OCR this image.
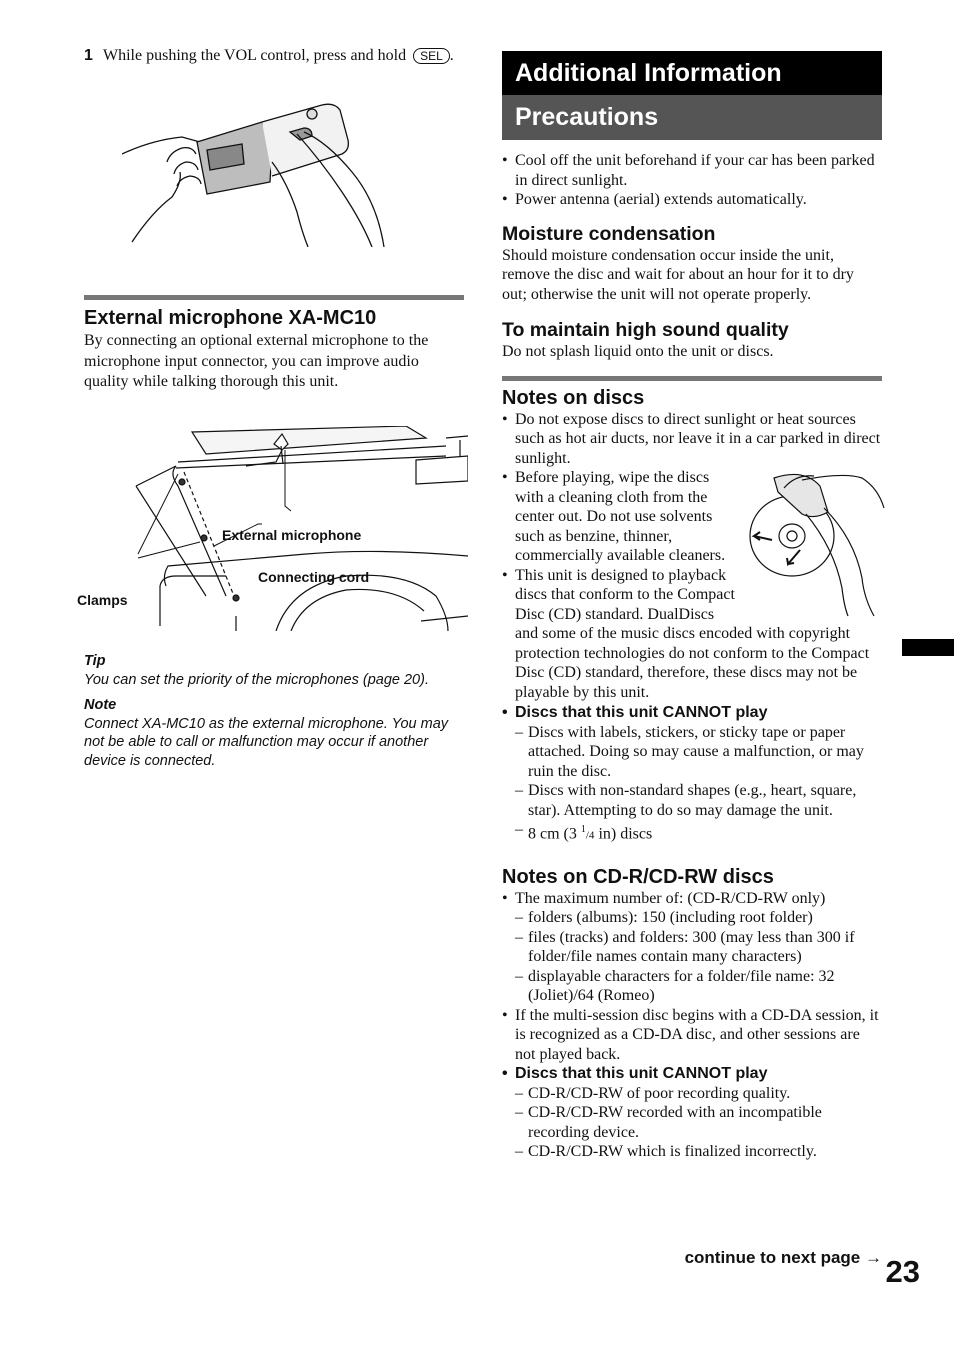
1 While pushing the VOL control, press and hold SEL .
External microphone XA-MC10

By connecting an optional external microphone to the microphone input connector, you can improve audio quality while talking thorough this unit.

External microphone
Connecting cord
Clamps
Tip
You can set the priority of the microphones (page 20).
Note
Connect XA-MC10 as the external microphone. You may not be able to call or malfunction may occur if another device is connected.
Additional Information
Precautions
• Cool off the unit beforehand if your car has been parked in direct sunlight.
• Power antenna (aerial) extends automatically.
Moisture condensation

Should moisture condensation occur inside the unit, remove the disc and wait for about an hour for it to dry out; otherwise the unit will not operate properly.

To maintain high sound quality

Do not splash liquid onto the unit or discs.

Notes on discs
• Do not expose discs to direct sunlight or heat sources such as hot air ducts, nor leave it in a car parked in direct sunlight.
• Before playing, wipe the discs with a cleaning cloth from the center out. Do not use solvents such as benzine, thinner, commercially available cleaners.
• This unit is designed to playback discs that conform to the Compact Disc (CD) standard. DualDiscs and some of the music discs encoded with copyright protection technologies do not conform to the Compact Disc (CD) standard, therefore, these discs may not be playable by this unit.
• Discs that this unit CANNOT play
– Discs with labels, stickers, or sticky tape or paper attached. Doing so may cause a malfunction, or may ruin the disc.
– Discs with non-standard shapes (e.g., heart, square, star). Attempting to do so may damage the unit.
– 8 cm (3 $^1$/4 in) discs
Notes on CD-R/CD-RW discs
• The maximum number of: (CD-R/CD-RW only)
– folders (albums): 150 (including root folder)
– files (tracks) and folders: 300 (may less than 300 if folder/file names contain many characters)
– displayable characters for a folder/file name: 32 (Joliet)/64 (Romeo)
• If the multi-session disc begins with a CD-DA session, it is recognized as a CD-DA disc, and other sessions are not played back.
• Discs that this unit CANNOT play
– CD-R/CD-RW of poor recording quality.
– CD-R/CD-RW recorded with an incompatible recording device.
– CD-R/CD-RW which is finalized incorrectly.
continue to next page → 23
